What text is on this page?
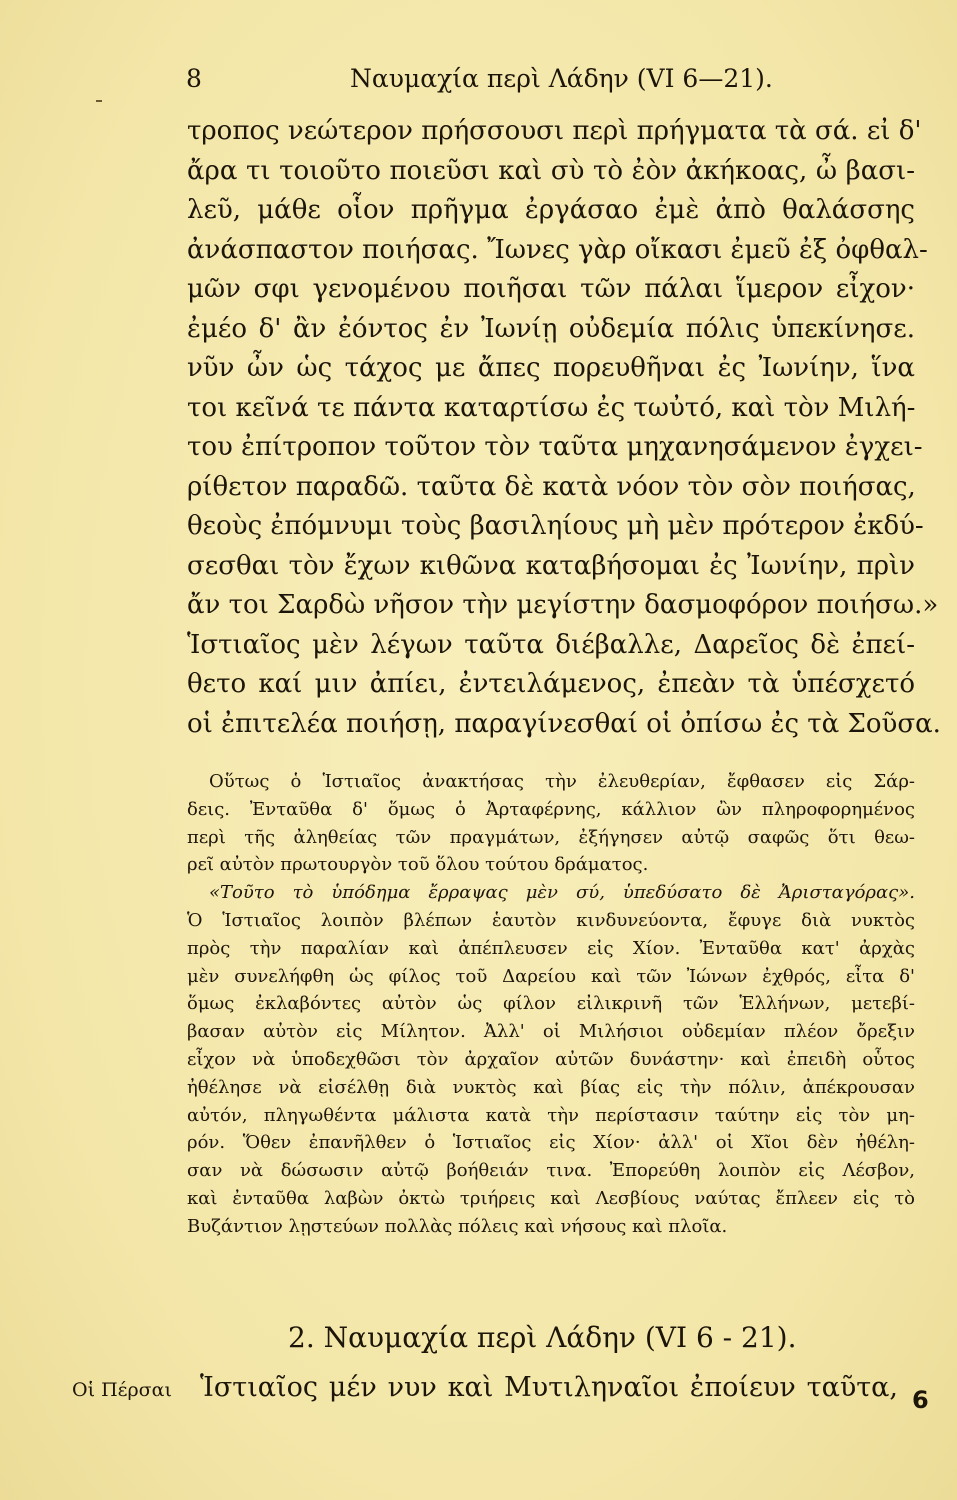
8	Ναυμαχία περὶ Λάδην (VI 6—21).
τροπος νεώτερον πρήσσουσι περὶ πρήγματα τὰ σά. εἰ δ'
ἄρα τι τοιοῦτο ποιεῦσι καὶ σὺ τὸ ἐὸν ἀκήκοας, ὦ βασι-
λεῦ, μάθε οἷον πρῆγμα ἐργάσαο ἐμὲ ἀπὸ θαλάσσης
ἀνάσπαστον ποιήσας. Ἴωνες γὰρ οἴκασι ἐμεῦ ἐξ ὀφθαλ-
μῶν σφι γενομένου ποιῆσαι τῶν πάλαι ἵμερον εἶχον·
ἐμέο δ' ἂν ἐόντος ἐν Ἰωνίῃ οὐδεμία πόλις ὑπεκίνησε.
νῦν ὦν ὡς τάχος με ἄπες πορευθῆναι ἐς Ἰωνίην, ἵνα
τοι κεῖνά τε πάντα καταρτίσω ἐς τωὐτό, καὶ τὸν Μιλή-
του ἐπίτροπον τοῦτον τὸν ταῦτα μηχανησάμενον ἐγχει-
ρίθετον παραδῶ. ταῦτα δὲ κατὰ νόον τὸν σὸν ποιήσας,
θεοὺς ἐπόμνυμι τοὺς βασιληίους μὴ μὲν πρότερον ἐκδύ-
σεσθαι τὸν ἔχων κιθῶνα καταβήσομαι ἐς Ἰωνίην, πρὶν
ἄν τοι Σαρδὼ νῆσον τὴν μεγίστην δασμοφόρον ποιήσω.»
Ἱστιαῖος μὲν λέγων ταῦτα διέβαλλε, Δαρεῖος δὲ ἐπεί-
θετο καί μιν ἀπίει, ἐντειλάμενος, ἐπεὰν τὰ ὑπέσχετό
οἱ ἐπιτελέα ποιήσῃ, παραγίνεσθαί οἱ ὀπίσω ἐς τὰ Σοῦσα.
Οὕτως ὁ Ἱστιαῖος ἀνακτήσας τὴν ἐλευθερίαν, ἔφθασεν εἰς Σάρ-
δεις. Ἐνταῦθα δ' ὅμως ὁ Ἀρταφέρνης, κάλλιον ὢν πληροφορημένος
περὶ τῆς ἀληθείας τῶν πραγμάτων, ἐξήγησεν αὐτῷ σαφῶς ὅτι θεω-
ρεῖ αὐτὸν πρωτουργὸν τοῦ ὅλου τούτου δράματος.
«Τοῦτο τὸ ὑπόδημα ἔρραψας μὲν σύ, ὑπεδύσατο δὲ Ἀρισταγόρας».
Ὁ Ἱστιαῖος λοιπὸν βλέπων ἑαυτὸν κινδυνεύοντα, ἔφυγε διὰ νυκτὸς
πρὸς τὴν παραλίαν καὶ ἀπέπλευσεν εἰς Χίον. Ἐνταῦθα κατ' ἀρχὰς
μὲν συνελήφθη ὡς φίλος τοῦ Δαρείου καὶ τῶν Ἰώνων ἐχθρός, εἶτα δ'
ὅμως ἐκλαβόντες αὐτὸν ὡς φίλον εἰλικρινῆ τῶν Ἑλλήνων, μετεβί-
βασαν αὐτὸν εἰς Μίλητον. Ἀλλ' οἱ Μιλήσιοι οὐδεμίαν πλέον ὄρεξιν
εἶχον νὰ ὑποδεχθῶσι τὸν ἀρχαῖον αὐτῶν δυνάστην· καὶ ἐπειδὴ οὗτος
ἠθέλησε νὰ εἰσέλθῃ διὰ νυκτὸς καὶ βίας εἰς τὴν πόλιν, ἀπέκρουσαν
αὐτόν, πληγωθέντα μάλιστα κατὰ τὴν περίστασιν ταύτην εἰς τὸν μη-
ρόν. Ὅθεν ἐπανῆλθεν ὁ Ἱστιαῖος εἰς Χίον· ἀλλ' οἱ Χῖοι δὲν ἠθέλη-
σαν νὰ δώσωσιν αὐτῷ βοήθειάν τινα. Ἐπορεύθη λοιπὸν εἰς Λέσβον,
καὶ ἐνταῦθα λαβὼν ὀκτὼ τριήρεις καὶ Λεσβίους ναύτας ἔπλεεν εἰς τὸ
Βυζάντιον λῃστεύων πολλὰς πόλεις καὶ νήσους καὶ πλοῖα.
2. Ναυμαχία περὶ Λάδην (VI 6 - 21).
Οἱ Πέρσαι Ἱστιαῖος μέν νυν καὶ Μυτιληναῖοι ἐποίευν ταῦτα, 6
